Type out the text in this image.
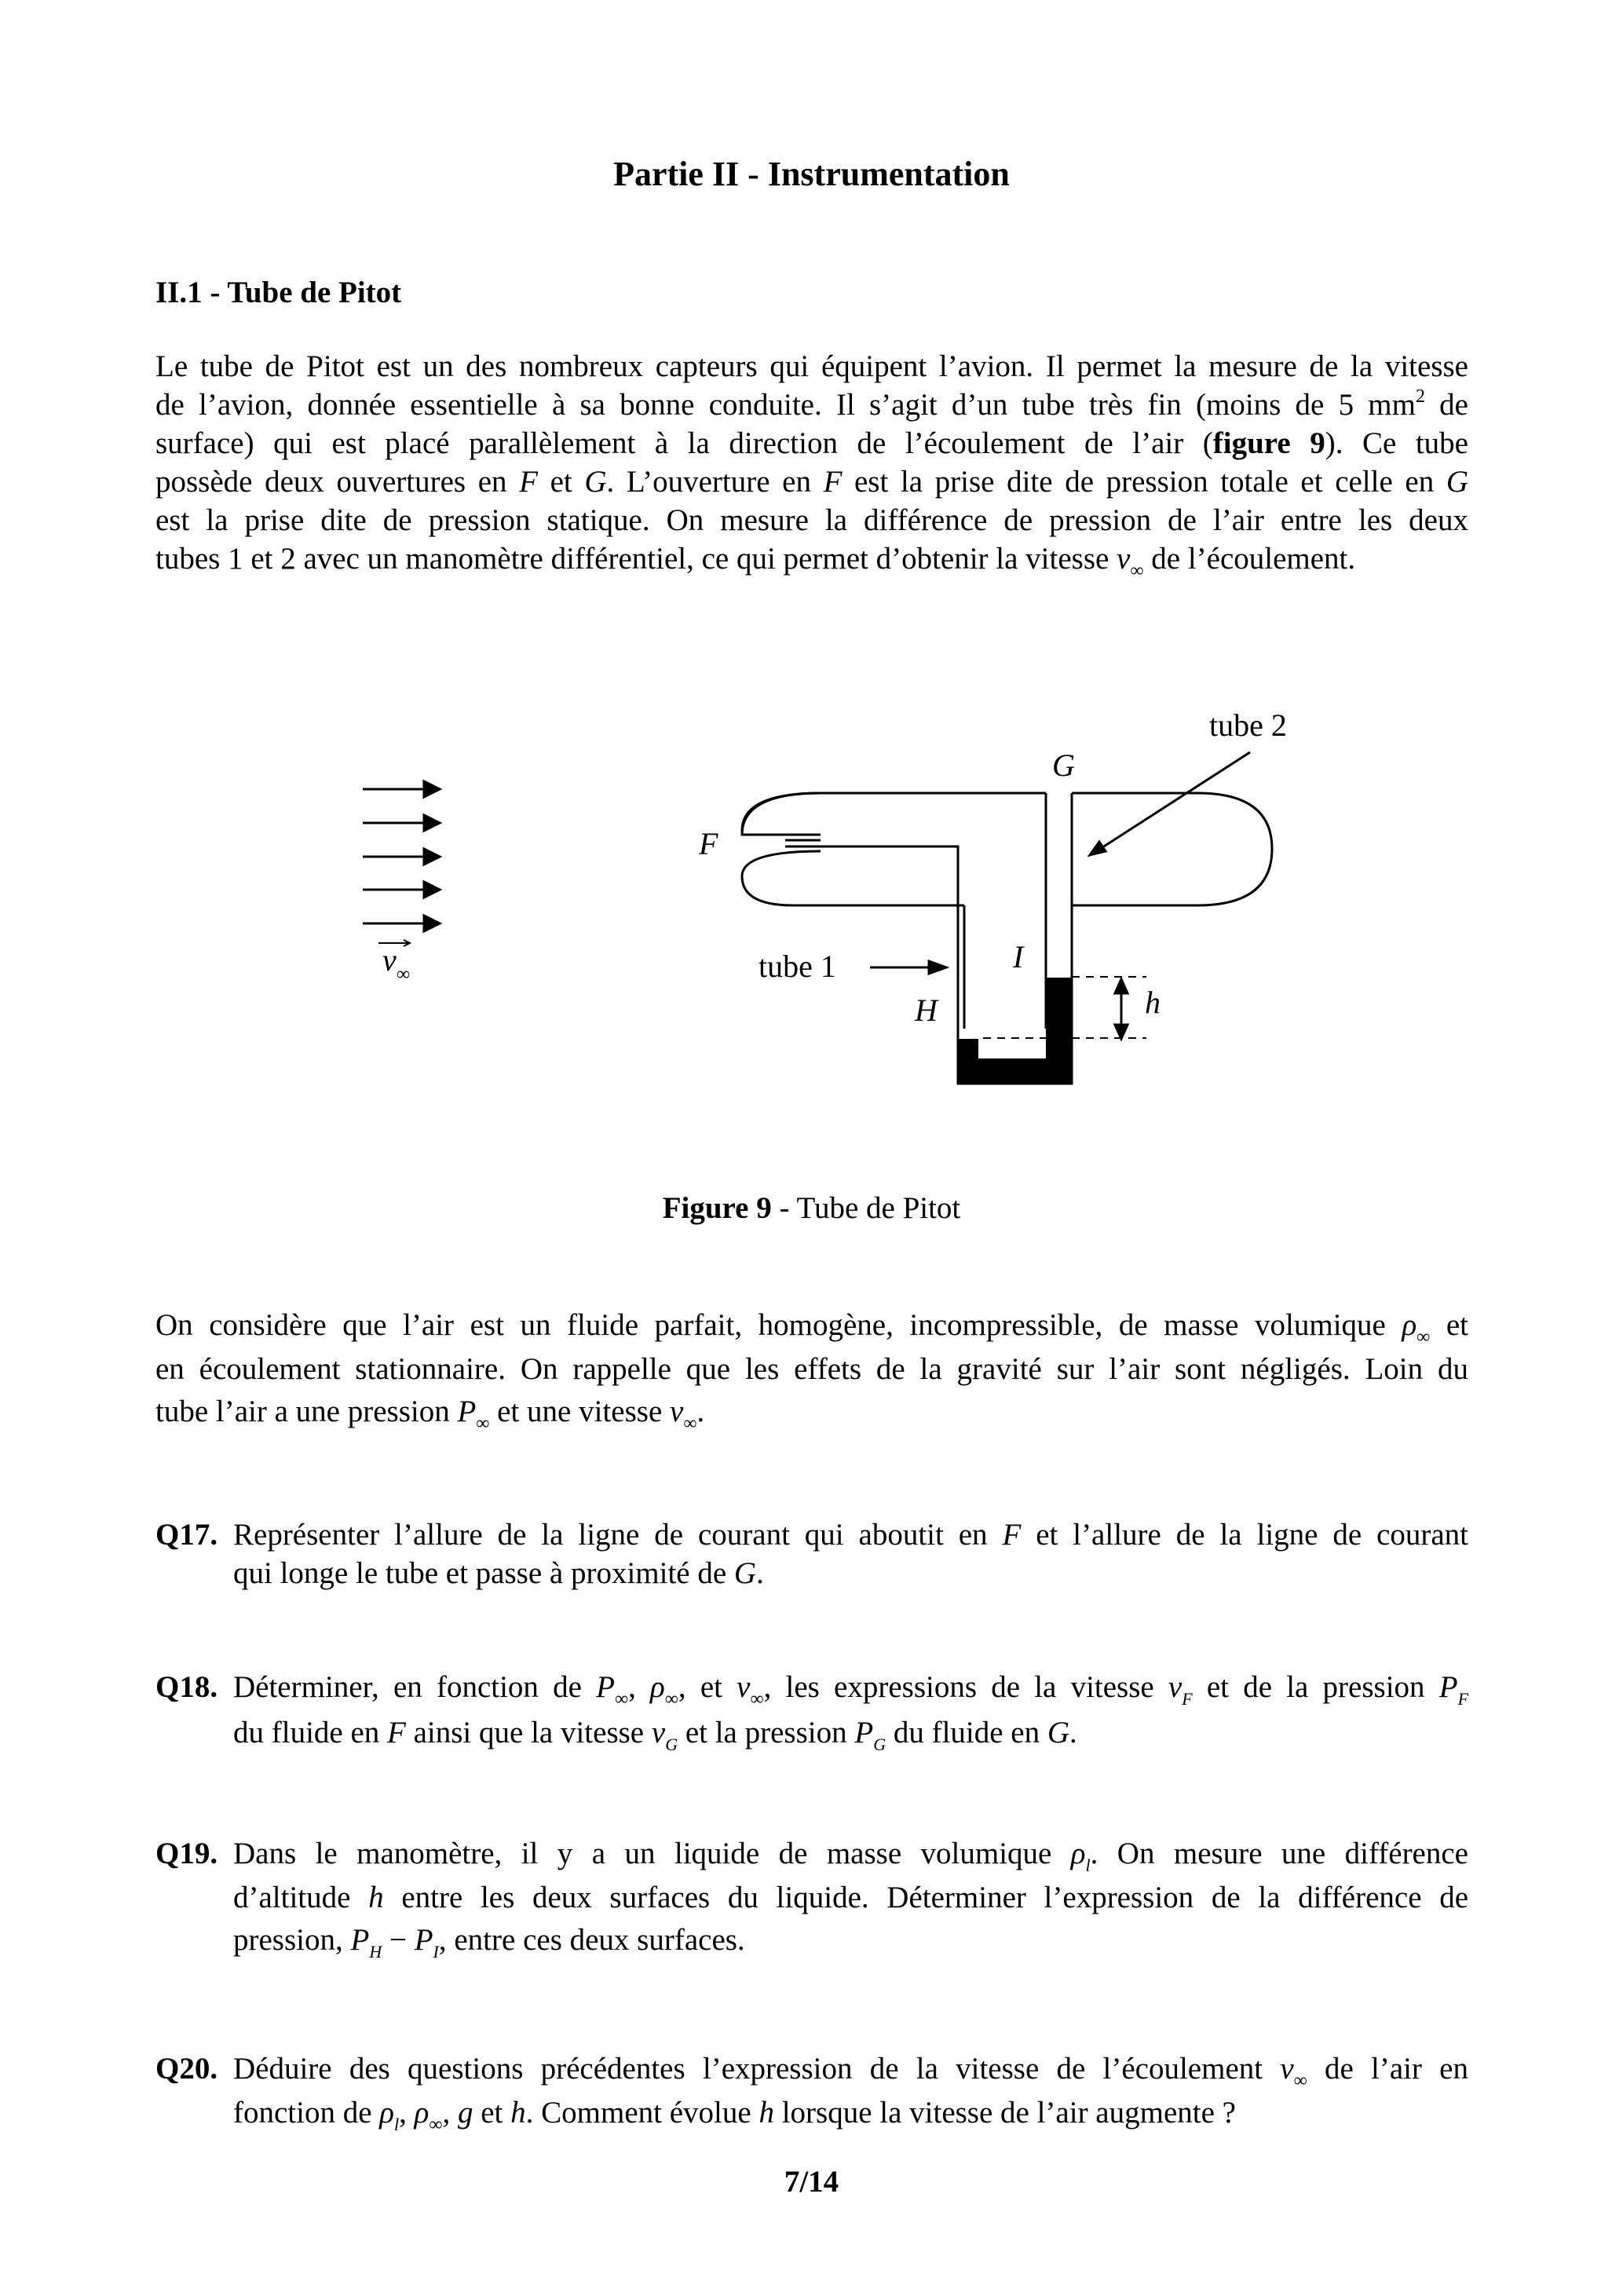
Partie II - Instrumentation
II.1 - Tube de Pitot
Le tube de Pitot est un des nombreux capteurs qui équipent l’avion. Il permet la mesure de la vitesse
de l’avion, donnée essentielle à sa bonne conduite. Il s’agit d’un tube très fin (moins de 5 $mm^2$ de
surface) qui est placé parallèlement à la direction de l’écoulement de l’air (figure 9). Ce tube
possède deux ouvertures en F et G. L’ouverture en F est la prise dite de pression totale et celle en G
est la prise dite de pression statique. On mesure la différence de pression de l’air entre les deux
tubes 1 et 2 avec un manomètre différentiel, ce qui permet d’obtenir la vitesse $v_\infty$ de l’écoulement.
v ∞
G
F
I
H	h
tube 1
tube 2
Figure 9 - Tube de Pitot
On considère que l’air est un fluide parfait, homogène, incompressible, de masse volumique $\rho_\infty$ et
en écoulement stationnaire. On rappelle que les effets de la gravité sur l’air sont négligés. Loin du
tube l’air a une pression $P_\infty$ et une vitesse $v_\infty$.
Q17. Représenter l’allure de la ligne de courant qui aboutit en F et l’allure de la ligne de courant
qui longe le tube et passe à proximité de G.
Q18. Déterminer, en fonction de $P_\infty$, $\rho_\infty$, et $v_\infty$, les expressions de la vitesse $v_F$ et de la pression $P_F$
du fluide en F ainsi que la vitesse $v_G$ et la pression $P_G$ du fluide en G.
Q19. Dans le manomètre, il y a un liquide de masse volumique $\rho_l$. On mesure une différence
d’altitude h entre les deux surfaces du liquide. Déterminer l’expression de la différence de
pression, $P_H - P_I$, entre ces deux surfaces.
Q20. Déduire des questions précédentes l’expression de la vitesse de l’écoulement $v_\infty$ de l’air en
fonction de $\rho_l$, $\rho_\infty$, g et h. Comment évolue h lorsque la vitesse de l’air augmente ?
7/14
